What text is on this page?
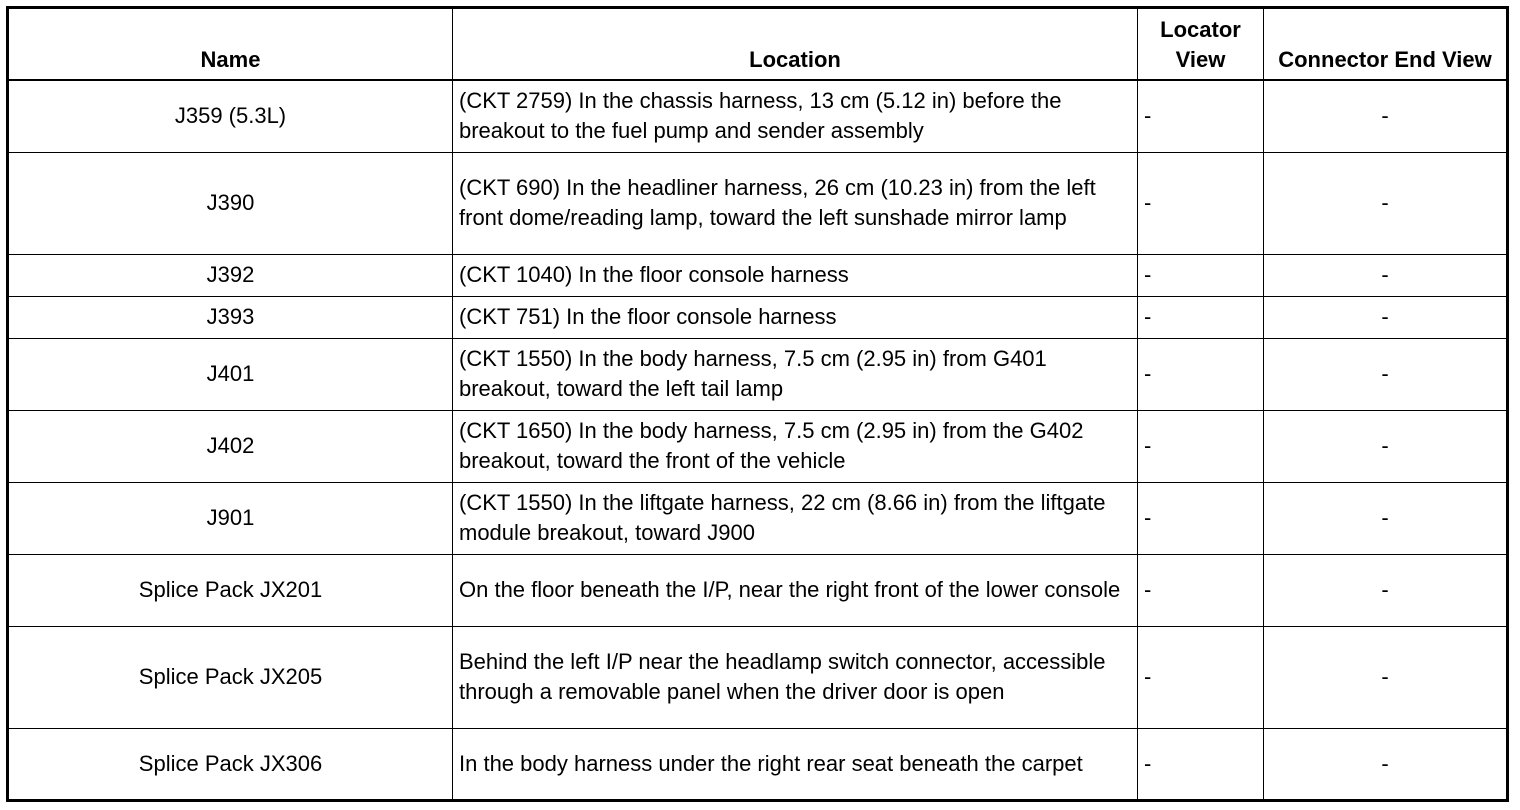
Name	Location	Locator View	Connector End View
J359 (5.3L)	(CKT 2759) In the chassis harness, 13 cm (5.12 in) before the breakout to the fuel pump and sender assembly	-	-
J390	(CKT 690) In the headliner harness, 26 cm (10.23 in) from the left front dome/reading lamp, toward the left sunshade mirror lamp	-	-
J392	(CKT 1040) In the floor console harness	-	-
J393	(CKT 751) In the floor console harness	-	-
J401	(CKT 1550) In the body harness, 7.5 cm (2.95 in) from G401 breakout, toward the left tail lamp	-	-
J402	(CKT 1650) In the body harness, 7.5 cm (2.95 in) from the G402 breakout, toward the front of the vehicle	-	-
J901	(CKT 1550) In the liftgate harness, 22 cm (8.66 in) from the liftgate module breakout, toward J900	-	-
Splice Pack JX201	On the floor beneath the I/P, near the right front of the lower console	-	-
Splice Pack JX205	Behind the left I/P near the headlamp switch connector, accessible through a removable panel when the driver door is open	-	-
Splice Pack JX306	In the body harness under the right rear seat beneath the carpet	-	-
